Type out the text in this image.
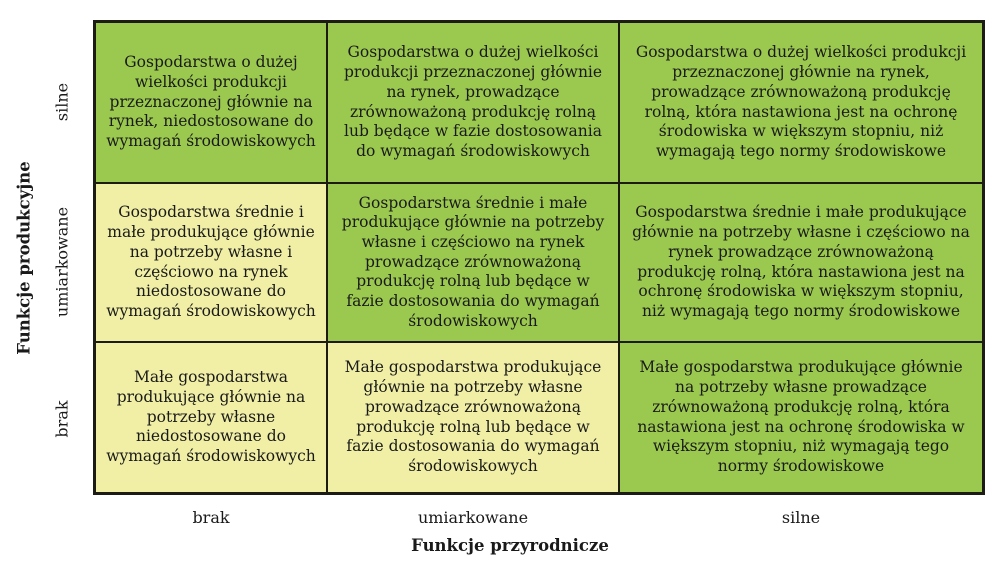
Funkcje produkcyjne
silne
umiarkowane
brak
Gospodarstwa o dużej wielkości produkcji przeznaczonej głównie na rynek, niedostosowane do wymagań środowiskowych
Gospodarstwa o dużej wielkości produkcji przeznaczonej głównie na rynek, prowadzące zrównoważoną produkcję rolną lub będące w fazie dostosowania do wymagań środowiskowych
Gospodarstwa o dużej wielkości produkcji przeznaczonej głównie na rynek, prowadzące zrównoważoną produkcję rolną, która nastawiona jest na ochronę środowiska w większym stopniu, niż wymagają tego normy środowiskowe
Gospodarstwa średnie i małe produkujące głównie na potrzeby własne i częściowo na rynek niedostosowane do wymagań środowiskowych
Gospodarstwa średnie i małe produkujące głównie na potrzeby własne i częściowo na rynek prowadzące zrównoważoną produkcję rolną lub będące w fazie dostosowania do wymagań środowiskowych
Gospodarstwa średnie i małe produkujące głównie na potrzeby własne i częściowo na rynek prowadzące zrównoważoną produkcję rolną, która nastawiona jest na ochronę środowiska w większym stopniu, niż wymagają tego normy środowiskowe
Małe gospodarstwa produkujące głównie na potrzeby własne niedostosowane do wymagań środowiskowych
Małe gospodarstwa produkujące głównie na potrzeby własne prowadzące zrównoważoną produkcję rolną lub będące w fazie dostosowania do wymagań środowiskowych
Małe gospodarstwa produkujące głównie na potrzeby własne prowadzące zrównoważoną produkcję rolną, która nastawiona jest na ochronę środowiska w większym stopniu, niż wymagają tego normy środowiskowe
brak	umiarkowane	silne
Funkcje przyrodnicze
